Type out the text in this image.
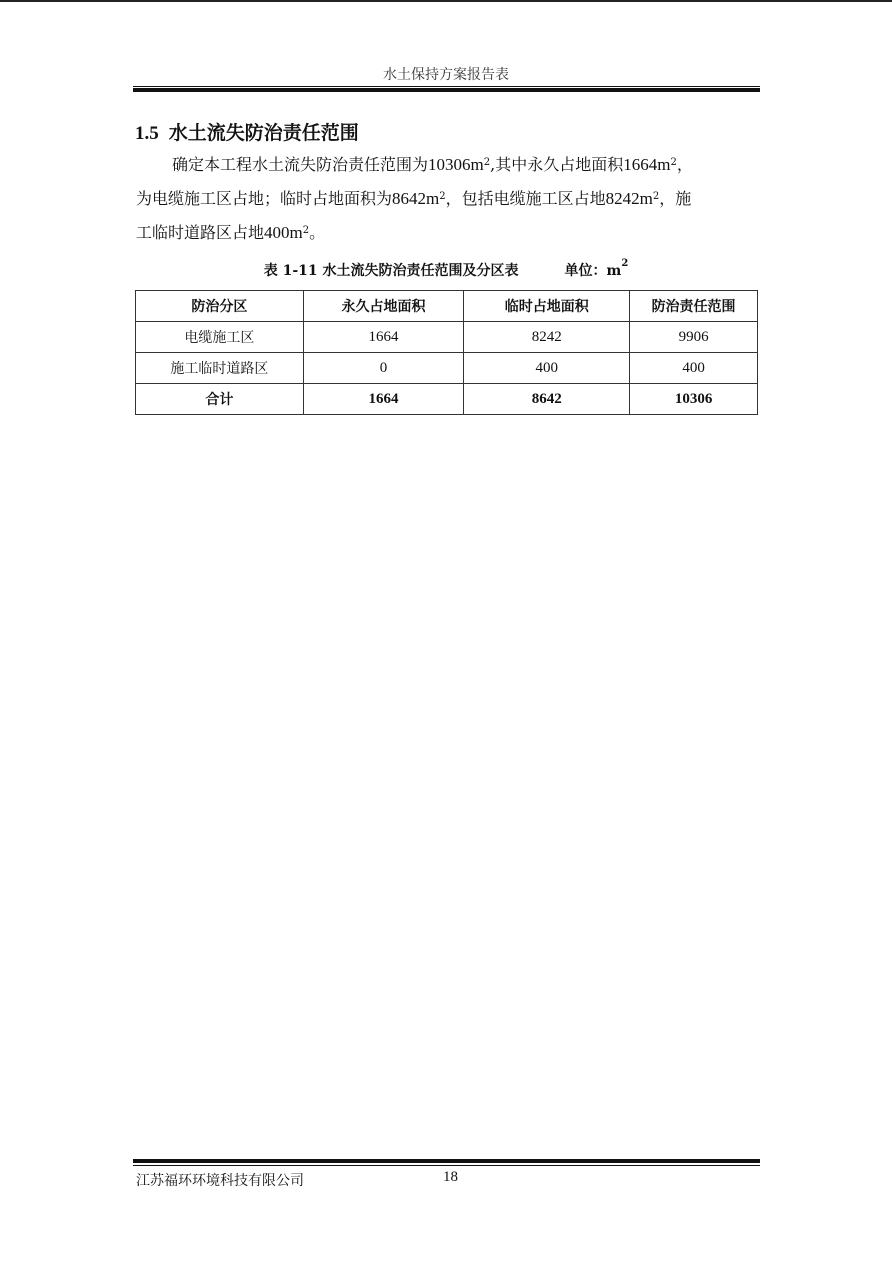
水土保持方案报告表
1.5 水土流失防治责任范围

确定本工程水土流失防治责任范围为$10306m^2$,其中永久占地面积$1664m^2$，

为电缆施工区占地；临时占地面积为$8642m^2$，包括电缆施工区占地$8242m^2$，施

工临时道路区占地$400m^2$。

表 1-11 水土流失防治责任范围及分区表	单位：$m^2$
防治分区	永久占地面积	临时占地面积	防治责任范围
电缆施工区	1664	8242	9906
施工临时道路区	0	400	400
合计	1664	8642	10306
江苏福环环境科技有限公司	18
